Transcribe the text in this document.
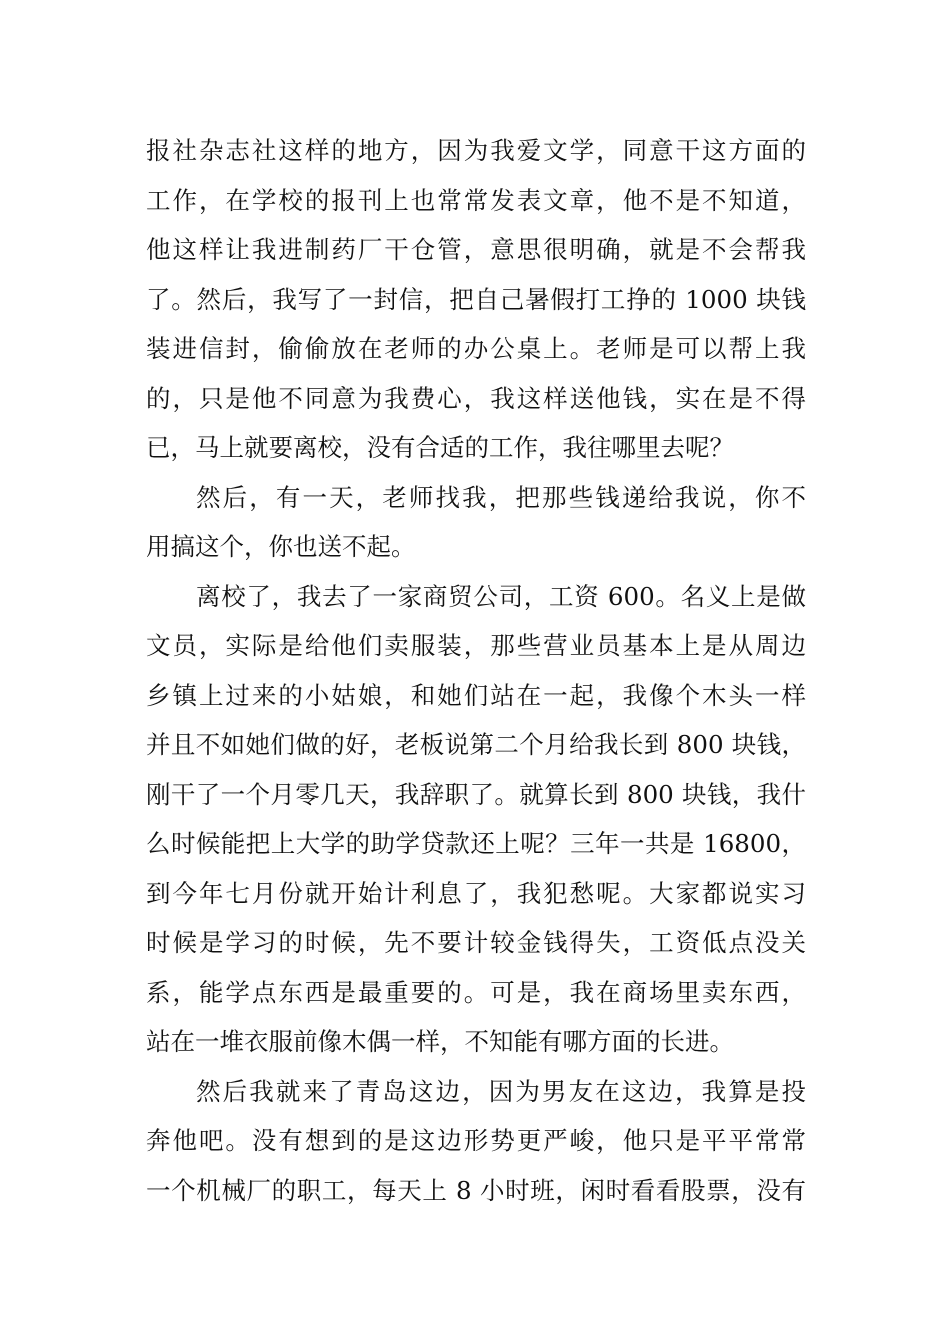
报社杂志社这样的地方，因为我爱文学，同意干这方面的
工作，在学校的报刊上也常常发表文章，他不是不知道，
他这样让我进制药厂干仓管，意思很明确，就是不会帮我
了。然后，我写了一封信，把自己暑假打工挣的 1000 块钱
装进信封，偷偷放在老师的办公桌上。老师是可以帮上我
的，只是他不同意为我费心，我这样送他钱，实在是不得
已，马上就要离校，没有合适的工作，我往哪里去呢？
然后，有一天，老师找我，把那些钱递给我说，你不
用搞这个，你也送不起。
离校了，我去了一家商贸公司，工资 600。名义上是做
文员，实际是给他们卖服装，那些营业员基本上是从周边
乡镇上过来的小姑娘，和她们站在一起，我像个木头一样
并且不如她们做的好，老板说第二个月给我长到 800 块钱，
刚干了一个月零几天，我辞职了。就算长到 800 块钱，我什
么时候能把上大学的助学贷款还上呢？三年一共是 16800，
到今年七月份就开始计利息了，我犯愁呢。大家都说实习
时候是学习的时候，先不要计较金钱得失，工资低点没关
系，能学点东西是最重要的。可是，我在商场里卖东西，
站在一堆衣服前像木偶一样，不知能有哪方面的长进。
然后我就来了青岛这边，因为男友在这边，我算是投
奔他吧。没有想到的是这边形势更严峻，他只是平平常常
一个机械厂的职工，每天上 8 小时班，闲时看看股票，没有
